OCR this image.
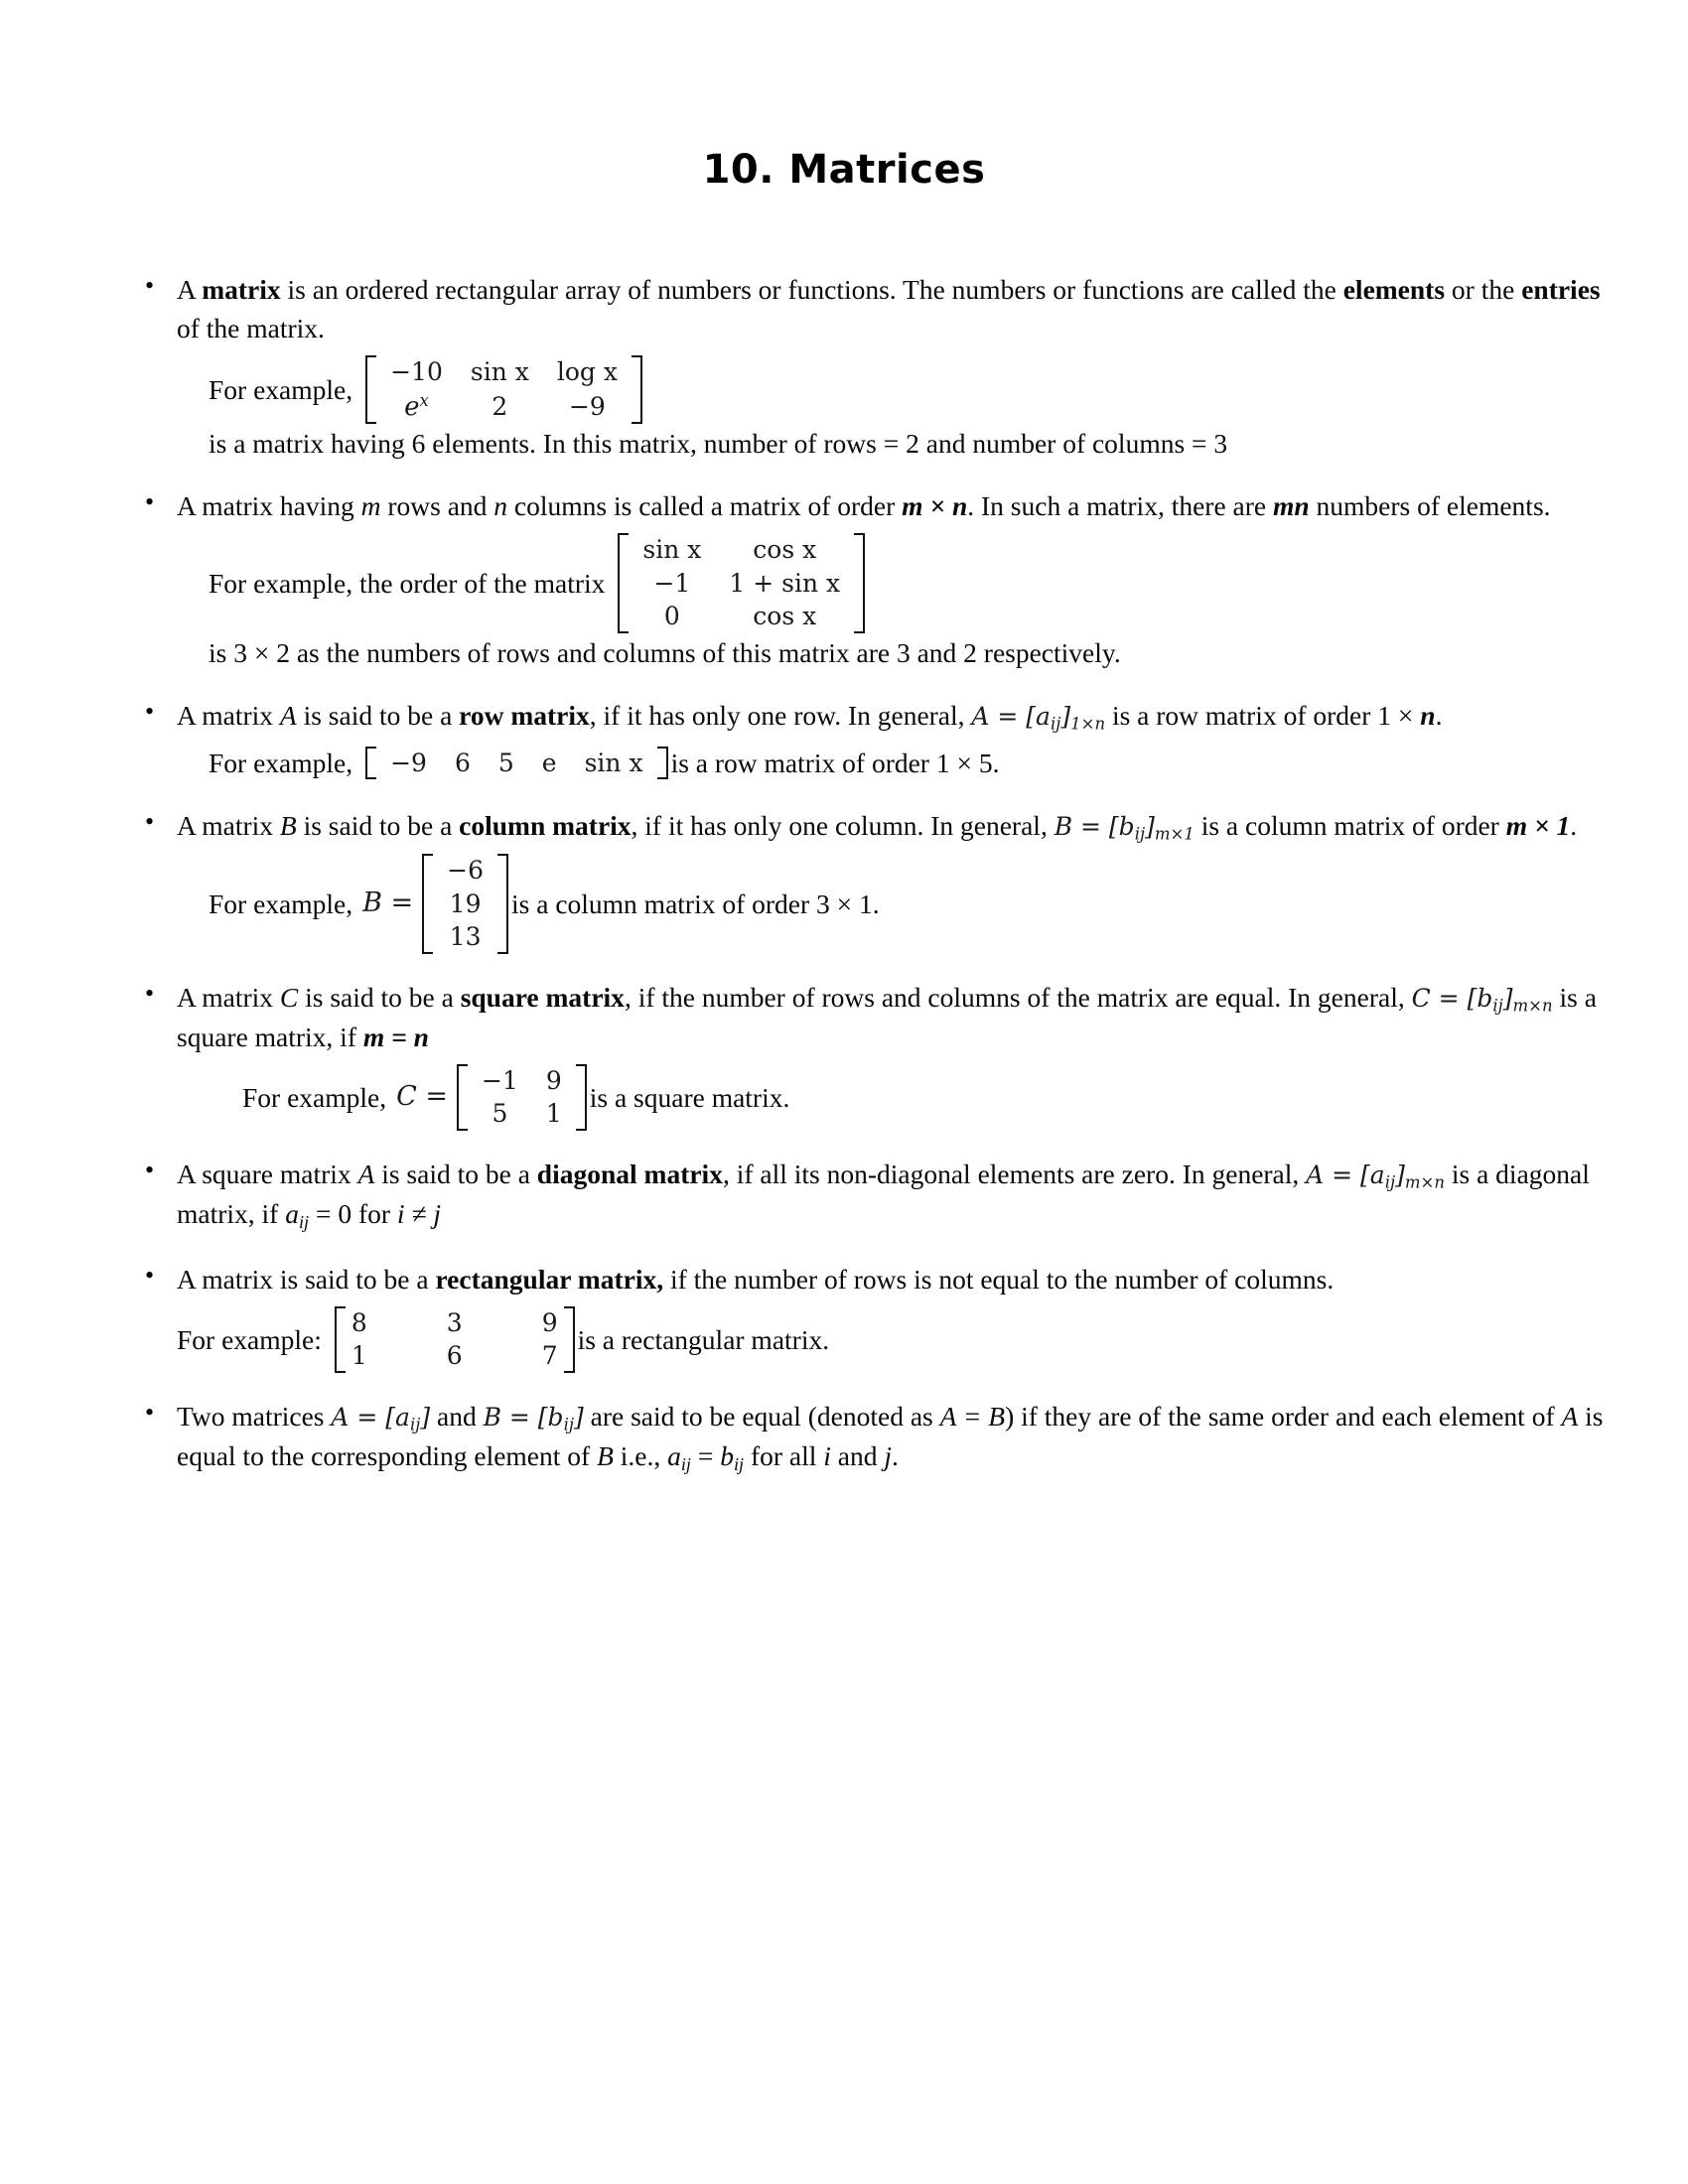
10. Matrices
• A matrix is an ordered rectangular array of numbers or functions. The numbers or functions are called the elements or the entries of the matrix.
For example,
−10	sin x	log x
$e^x$	2	−9
is a matrix having 6 elements. In this matrix, number of rows = 2 and number of columns = 3
• A matrix having m rows and n columns is called a matrix of order m × n. In such a matrix, there are mn numbers of elements.
For example, the order of the matrix
sin x	cos x
−1	1 + sin x
0	cos x
is 3 × 2 as the numbers of rows and columns of this matrix are 3 and 2 respectively.
• A matrix A is said to be a row matrix, if it has only one row. In general, $A = [a_{ij}]_{1\times n}$ is a row matrix of order 1 × n.
For example, −9	6	5	e	sin x is a row matrix of order 1 × 5.
• A matrix B is said to be a column matrix, if it has only one column. In general, $B = [b_{ij}]_{m\times 1}$ is a column matrix of order m × 1.
For example, B =
−6
19
13
is a column matrix of order 3 × 1.
• A matrix C is said to be a square matrix, if the number of rows and columns of the matrix are equal. In general, $C = [b_{ij}]_{m\times n}$ is a square matrix, if m = n
For example, C =
−1	9
5	1
is a square matrix.
• A square matrix A is said to be a diagonal matrix, if all its non-diagonal elements are zero. In general, $A = [a_{ij}]_{m\times n}$ is a diagonal matrix, if $a_{ij} = 0$ for i ≠ j
• A matrix is said to be a rectangular matrix, if the number of rows is not equal to the number of columns.
For example:
8	3	9
1	6	7
is a rectangular matrix.
• Two matrices $A = [a_{ij}]$ and $B = [b_{ij}]$ are said to be equal (denoted as A = B) if they are of the same order and each element of A is equal to the corresponding element of B i.e., $a_{ij} = b_{ij}$ for all i and j.
